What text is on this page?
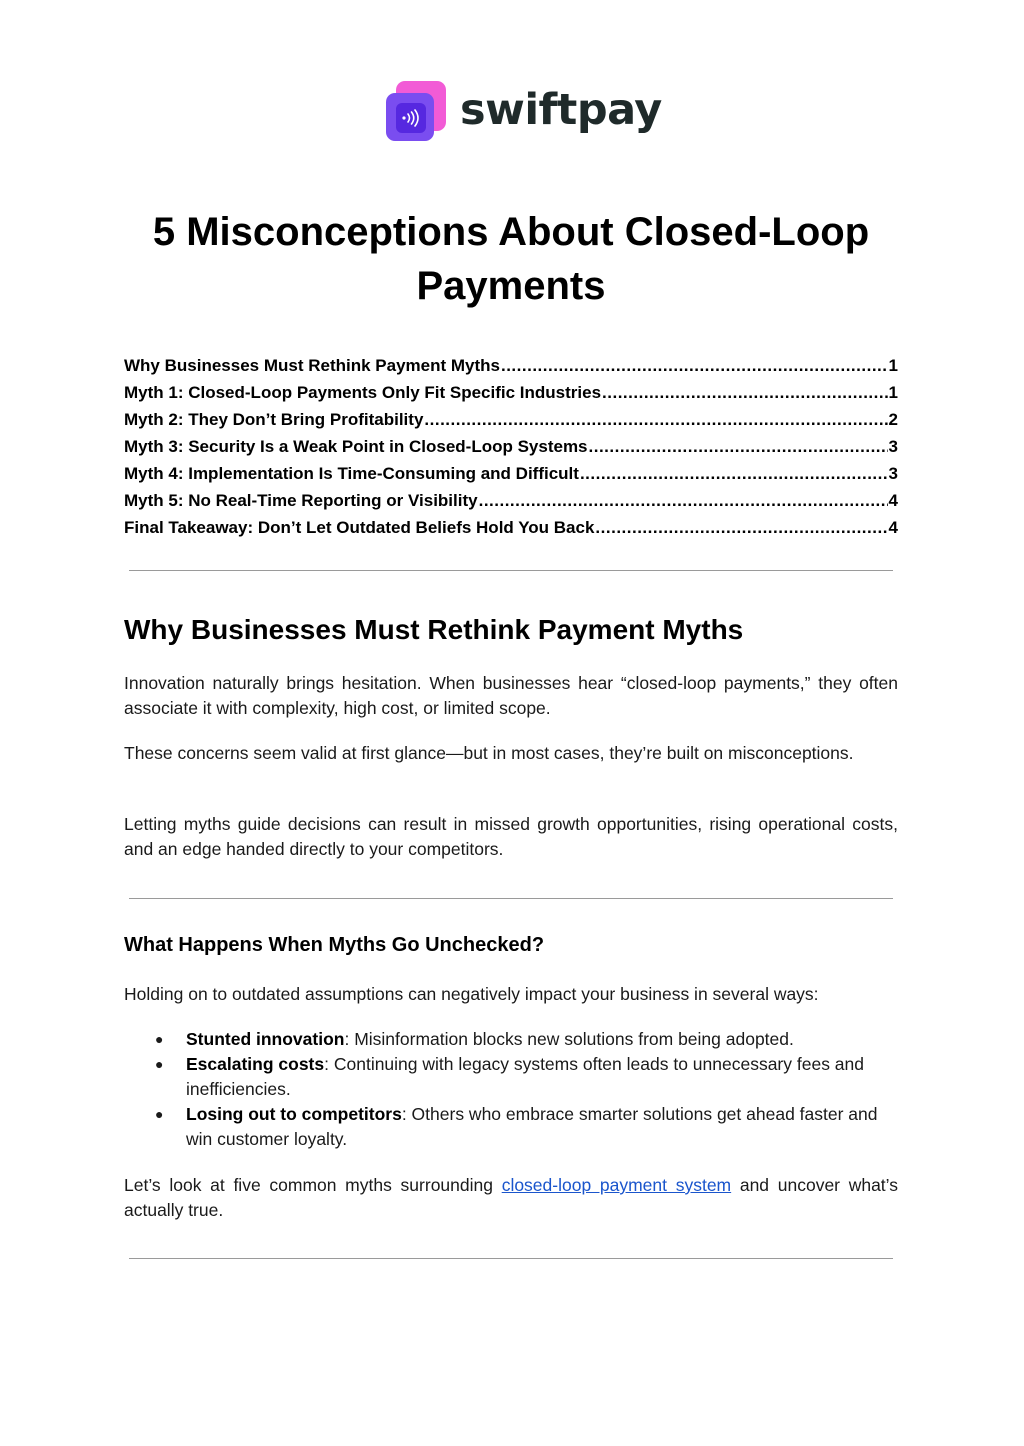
swiftpay
5 Misconceptions About Closed-Loop Payments
Why Businesses Must Rethink Payment Myths .....	1
Myth 1: Closed-Loop Payments Only Fit Specific Industries .....	1
Myth 2: They Don’t Bring Profitability .....	2
Myth 3: Security Is a Weak Point in Closed-Loop Systems .....	3
Myth 4: Implementation Is Time-Consuming and Difficult .....	3
Myth 5: No Real-Time Reporting or Visibility .....	4
Final Takeaway: Don’t Let Outdated Beliefs Hold You Back .....	4
Why Businesses Must Rethink Payment Myths

Innovation naturally brings hesitation. When businesses hear “closed-loop payments,” they often associate it with complexity, high cost, or limited scope.

These concerns seem valid at first glance—but in most cases, they’re built on misconceptions.

Letting myths guide decisions can result in missed growth opportunities, rising operational costs, and an edge handed directly to your competitors.

What Happens When Myths Go Unchecked?

Holding on to outdated assumptions can negatively impact your business in several ways:

● Stunted innovation: Misinformation blocks new solutions from being adopted.
● Escalating costs: Continuing with legacy systems often leads to unnecessary fees and inefficiencies.
● Losing out to competitors: Others who embrace smarter solutions get ahead faster and win customer loyalty.

Let’s look at five common myths surrounding closed-loop payment system and uncover what’s actually true.
